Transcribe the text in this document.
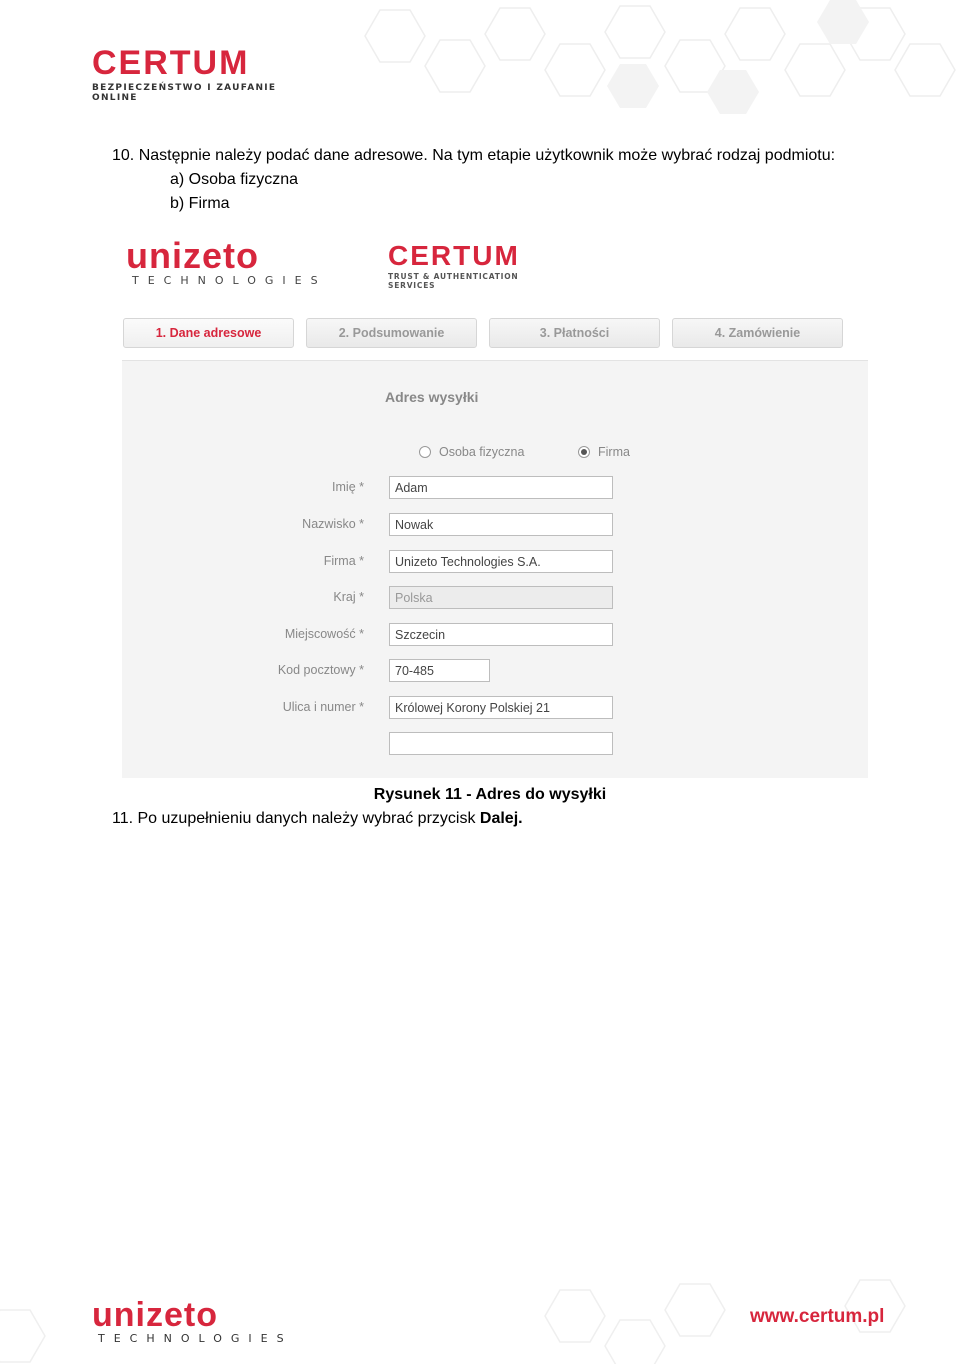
CERTUM
BEZPIECZEŃSTWO I ZAUFANIE ONLINE
10. Następnie należy podać dane adresowe. Na tym etapie użytkownik może wybrać rodzaj podmiotu:
a) Osoba fizyczna
b) Firma
unizeto
TECHNOLOGIES
CERTUM
TRUST & AUTHENTICATION SERVICES
1. Dane adresowe	2. Podsumowanie	3. Płatności	4. Zamówienie
Adres wysyłki
Osoba fizyczna	Firma
Imię *	Adam
Nazwisko *	Nowak
Firma *	Unizeto Technologies S.A.
Kraj *	Polska
Miejscowość *	Szczecin
Kod pocztowy *	70-485
Ulica i numer *	Królowej Korony Polskiej 21
Rysunek 11 - Adres do wysyłki
11. Po uzupełnieniu danych należy wybrać przycisk Dalej.
unizeto
TECHNOLOGIES
www.certum.pl
